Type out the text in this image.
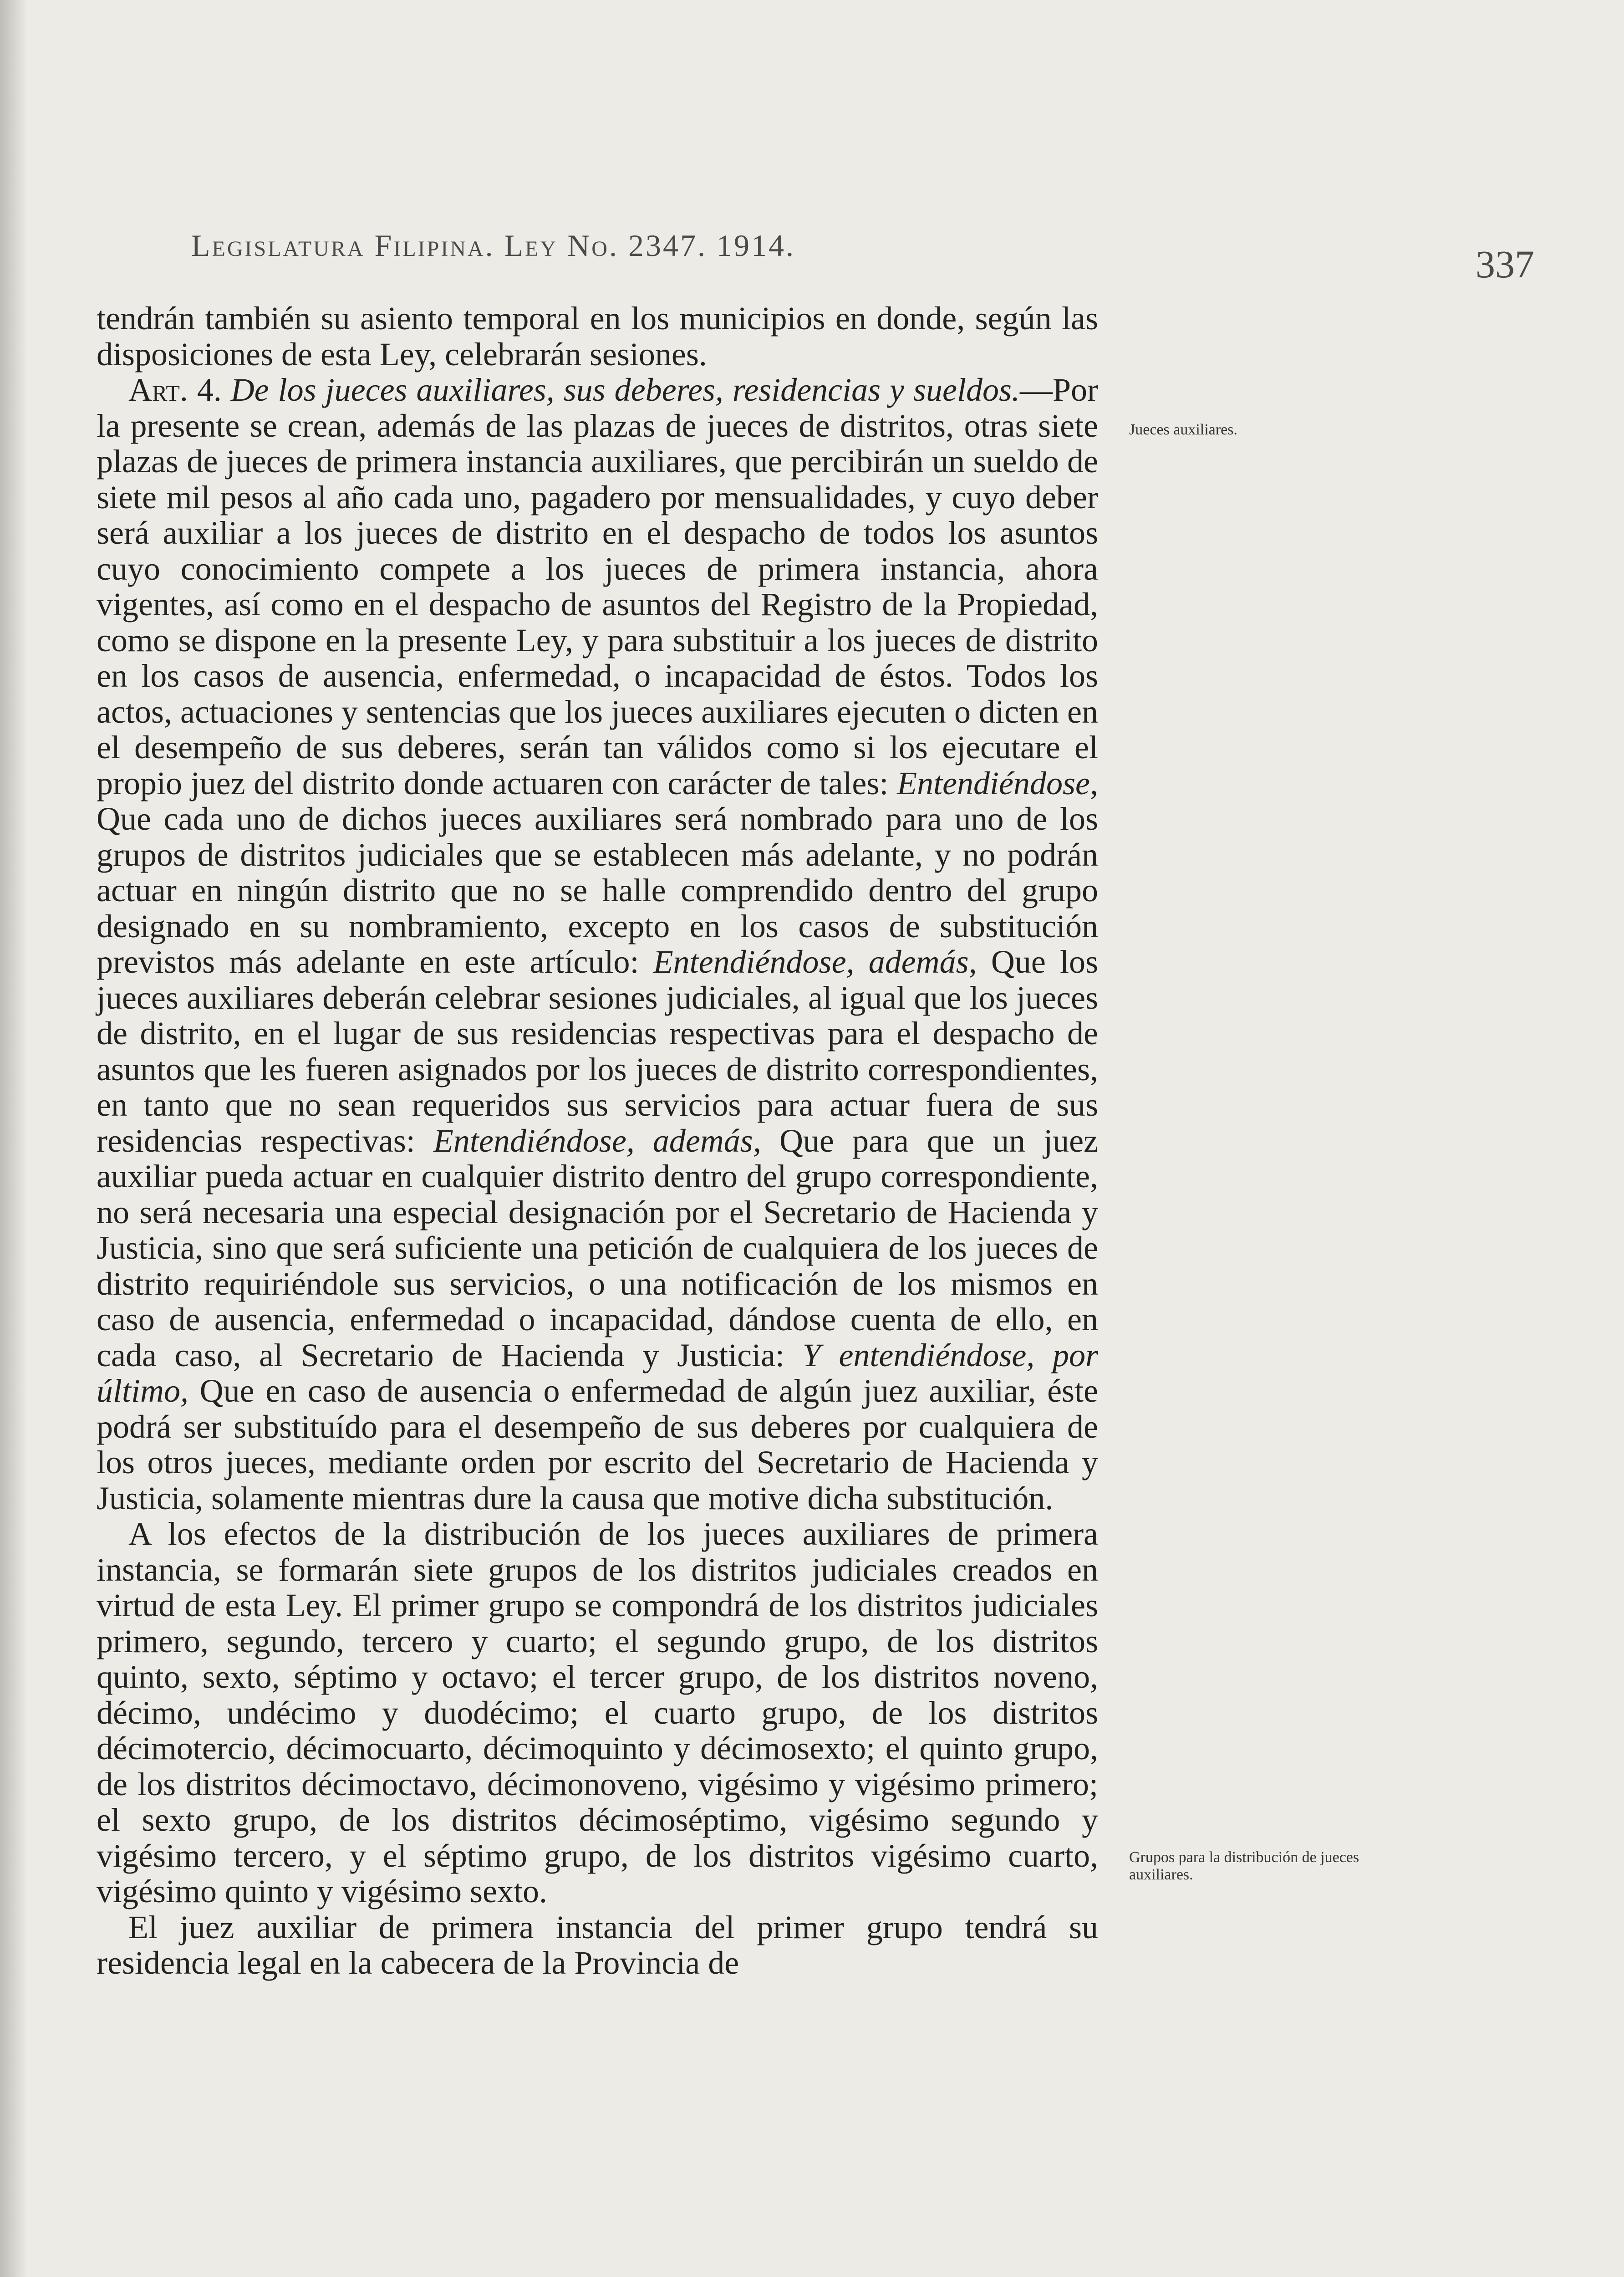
Legislatura Filipina. Ley No. 2347. 1914.	337

tendrán también su asiento temporal en los municipios en donde, según las disposiciones de esta Ley, celebrarán sesiones.

Art. 4. De los jueces auxiliares, sus deberes, residencias y sueldos.—Por la presente se crean, además de las plazas de jueces de distritos, otras siete plazas de jueces de primera instancia auxiliares, que percibirán un sueldo de siete mil pesos al año cada uno, pagadero por mensualidades, y cuyo deber será auxiliar a los jueces de distrito en el despacho de todos los asuntos cuyo conocimiento compete a los jueces de primera instancia, ahora vigentes, así como en el despacho de asuntos del Registro de la Propiedad, como se dispone en la presente Ley, y para substituir a los jueces de distrito en los casos de ausencia, enfermedad, o incapacidad de éstos. Todos los actos, actuaciones y sentencias que los jueces auxiliares ejecuten o dicten en el desempeño de sus deberes, serán tan válidos como si los ejecutare el propio juez del distrito donde actuaren con carácter de tales: Entendiéndose, Que cada uno de dichos jueces auxiliares será nombrado para uno de los grupos de distritos judiciales que se establecen más adelante, y no podrán actuar en ningún distrito que no se halle comprendido dentro del grupo designado en su nombramiento, excepto en los casos de substitución previstos más adelante en este artículo: Entendiéndose, además, Que los jueces auxiliares deberán celebrar sesiones judiciales, al igual que los jueces de distrito, en el lugar de sus residencias respectivas para el despacho de asuntos que les fueren asignados por los jueces de distrito correspondientes, en tanto que no sean requeridos sus servicios para actuar fuera de sus residencias respectivas: Entendiéndose, además, Que para que un juez auxiliar pueda actuar en cualquier distrito dentro del grupo correspondiente, no será necesaria una especial designación por el Secretario de Hacienda y Justicia, sino que será suficiente una petición de cualquiera de los jueces de distrito requiriéndole sus servicios, o una notificación de los mismos en caso de ausencia, enfermedad o incapacidad, dándose cuenta de ello, en cada caso, al Secretario de Hacienda y Justicia: Y entendiéndose, por último, Que en caso de ausencia o enfermedad de algún juez auxiliar, éste podrá ser substituído para el desempeño de sus deberes por cualquiera de los otros jueces, mediante orden por escrito del Secretario de Hacienda y Justicia, solamente mientras dure la causa que motive dicha substitución.

A los efectos de la distribución de los jueces auxiliares de primera instancia, se formarán siete grupos de los distritos judiciales creados en virtud de esta Ley. El primer grupo se compondrá de los distritos judiciales primero, segundo, tercero y cuarto; el segundo grupo, de los distritos quinto, sexto, séptimo y octavo; el tercer grupo, de los distritos noveno, décimo, undécimo y duodécimo; el cuarto grupo, de los distritos décimotercio, décimocuarto, décimoquinto y décimosexto; el quinto grupo, de los distritos décimoctavo, décimonoveno, vigésimo y vigésimo primero; el sexto grupo, de los distritos décimoséptimo, vigésimo segundo y vigésimo tercero, y el séptimo grupo, de los distritos vigésimo cuarto, vigésimo quinto y vigésimo sexto.

El juez auxiliar de primera instancia del primer grupo tendrá su residencia legal en la cabecera de la Provincia de

Jueces auxiliares.
Grupos para la distribución de jueces auxiliares.
